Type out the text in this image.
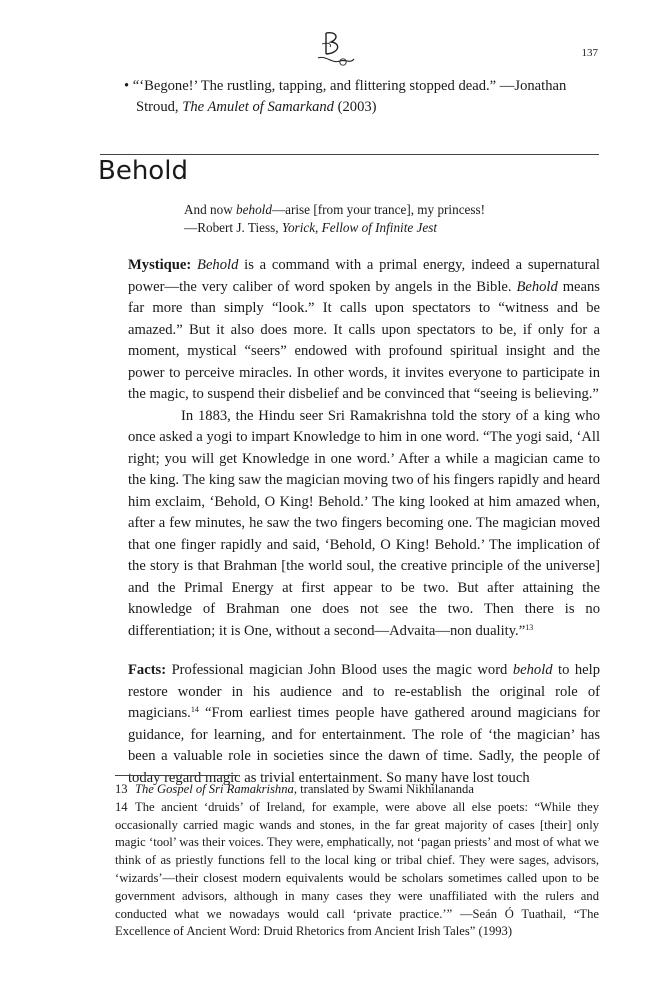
137
• “‘Begone!’ The rustling, tapping, and flittering stopped dead.” —Jonathan Stroud, The Amulet of Samarkand (2003)
Behold
And now behold—arise [from your trance], my princess!
—Robert J. Tiess, Yorick, Fellow of Infinite Jest

Mystique: Behold is a command with a primal energy, indeed a supernatural power—the very caliber of word spoken by angels in the Bible. Behold means far more than simply “look.” It calls upon spectators to “witness and be amazed.” But it also does more. It calls upon spectators to be, if only for a moment, mystical “seers” endowed with profound spiritual insight and the power to perceive miracles. In other words, it invites everyone to participate in the magic, to suspend their disbelief and be convinced that “seeing is believing.”

In 1883, the Hindu seer Sri Ramakrishna told the story of a king who once asked a yogi to impart Knowledge to him in one word. “The yogi said, ‘All right; you will get Knowledge in one word.’ After a while a magician came to the king. The king saw the magician moving two of his fingers rapidly and heard him exclaim, ‘Behold, O King! Behold.’ The king looked at him amazed when, after a few minutes, he saw the two fingers becoming one. The magician moved that one finger rapidly and said, ‘Behold, O King! Behold.’ The implication of the story is that Brahman [the world soul, the creative principle of the universe] and the Primal Energy at first appear to be two. But after attaining the knowledge of Brahman one does not see the two. Then there is no differentiation; it is One, without a second—Advaita—non duality.”$^{13}$

Facts: Professional magician John Blood uses the magic word behold to help restore wonder in his audience and to re-establish the original role of magicians.$^{14}$ “From earliest times people have gathered around magicians for guidance, for learning, and for entertainment. The role of ‘the magician’ has been a valuable role in societies since the dawn of time. Sadly, the people of today regard magic as trivial entertainment. So many have lost touch

13 The Gospel of Sri Ramakrishna, translated by Swami Nikhilananda

14 The ancient ‘druids’ of Ireland, for example, were above all else poets: “While they occasionally carried magic wands and stones, in the far great majority of cases [their] only magic ‘tool’ was their voices. They were, emphatically, not ‘pagan priests’ and most of what we think of as priestly functions fell to the local king or tribal chief. They were sages, advisors, ‘wizards’—their closest modern equivalents would be scholars sometimes called upon to be government advisors, although in many cases they were unaffiliated with the rulers and conducted what we nowadays would call ‘private practice.’” —Seán Ó Tuathail, “The Excellence of Ancient Word: Druid Rhetorics from Ancient Irish Tales” (1993)
